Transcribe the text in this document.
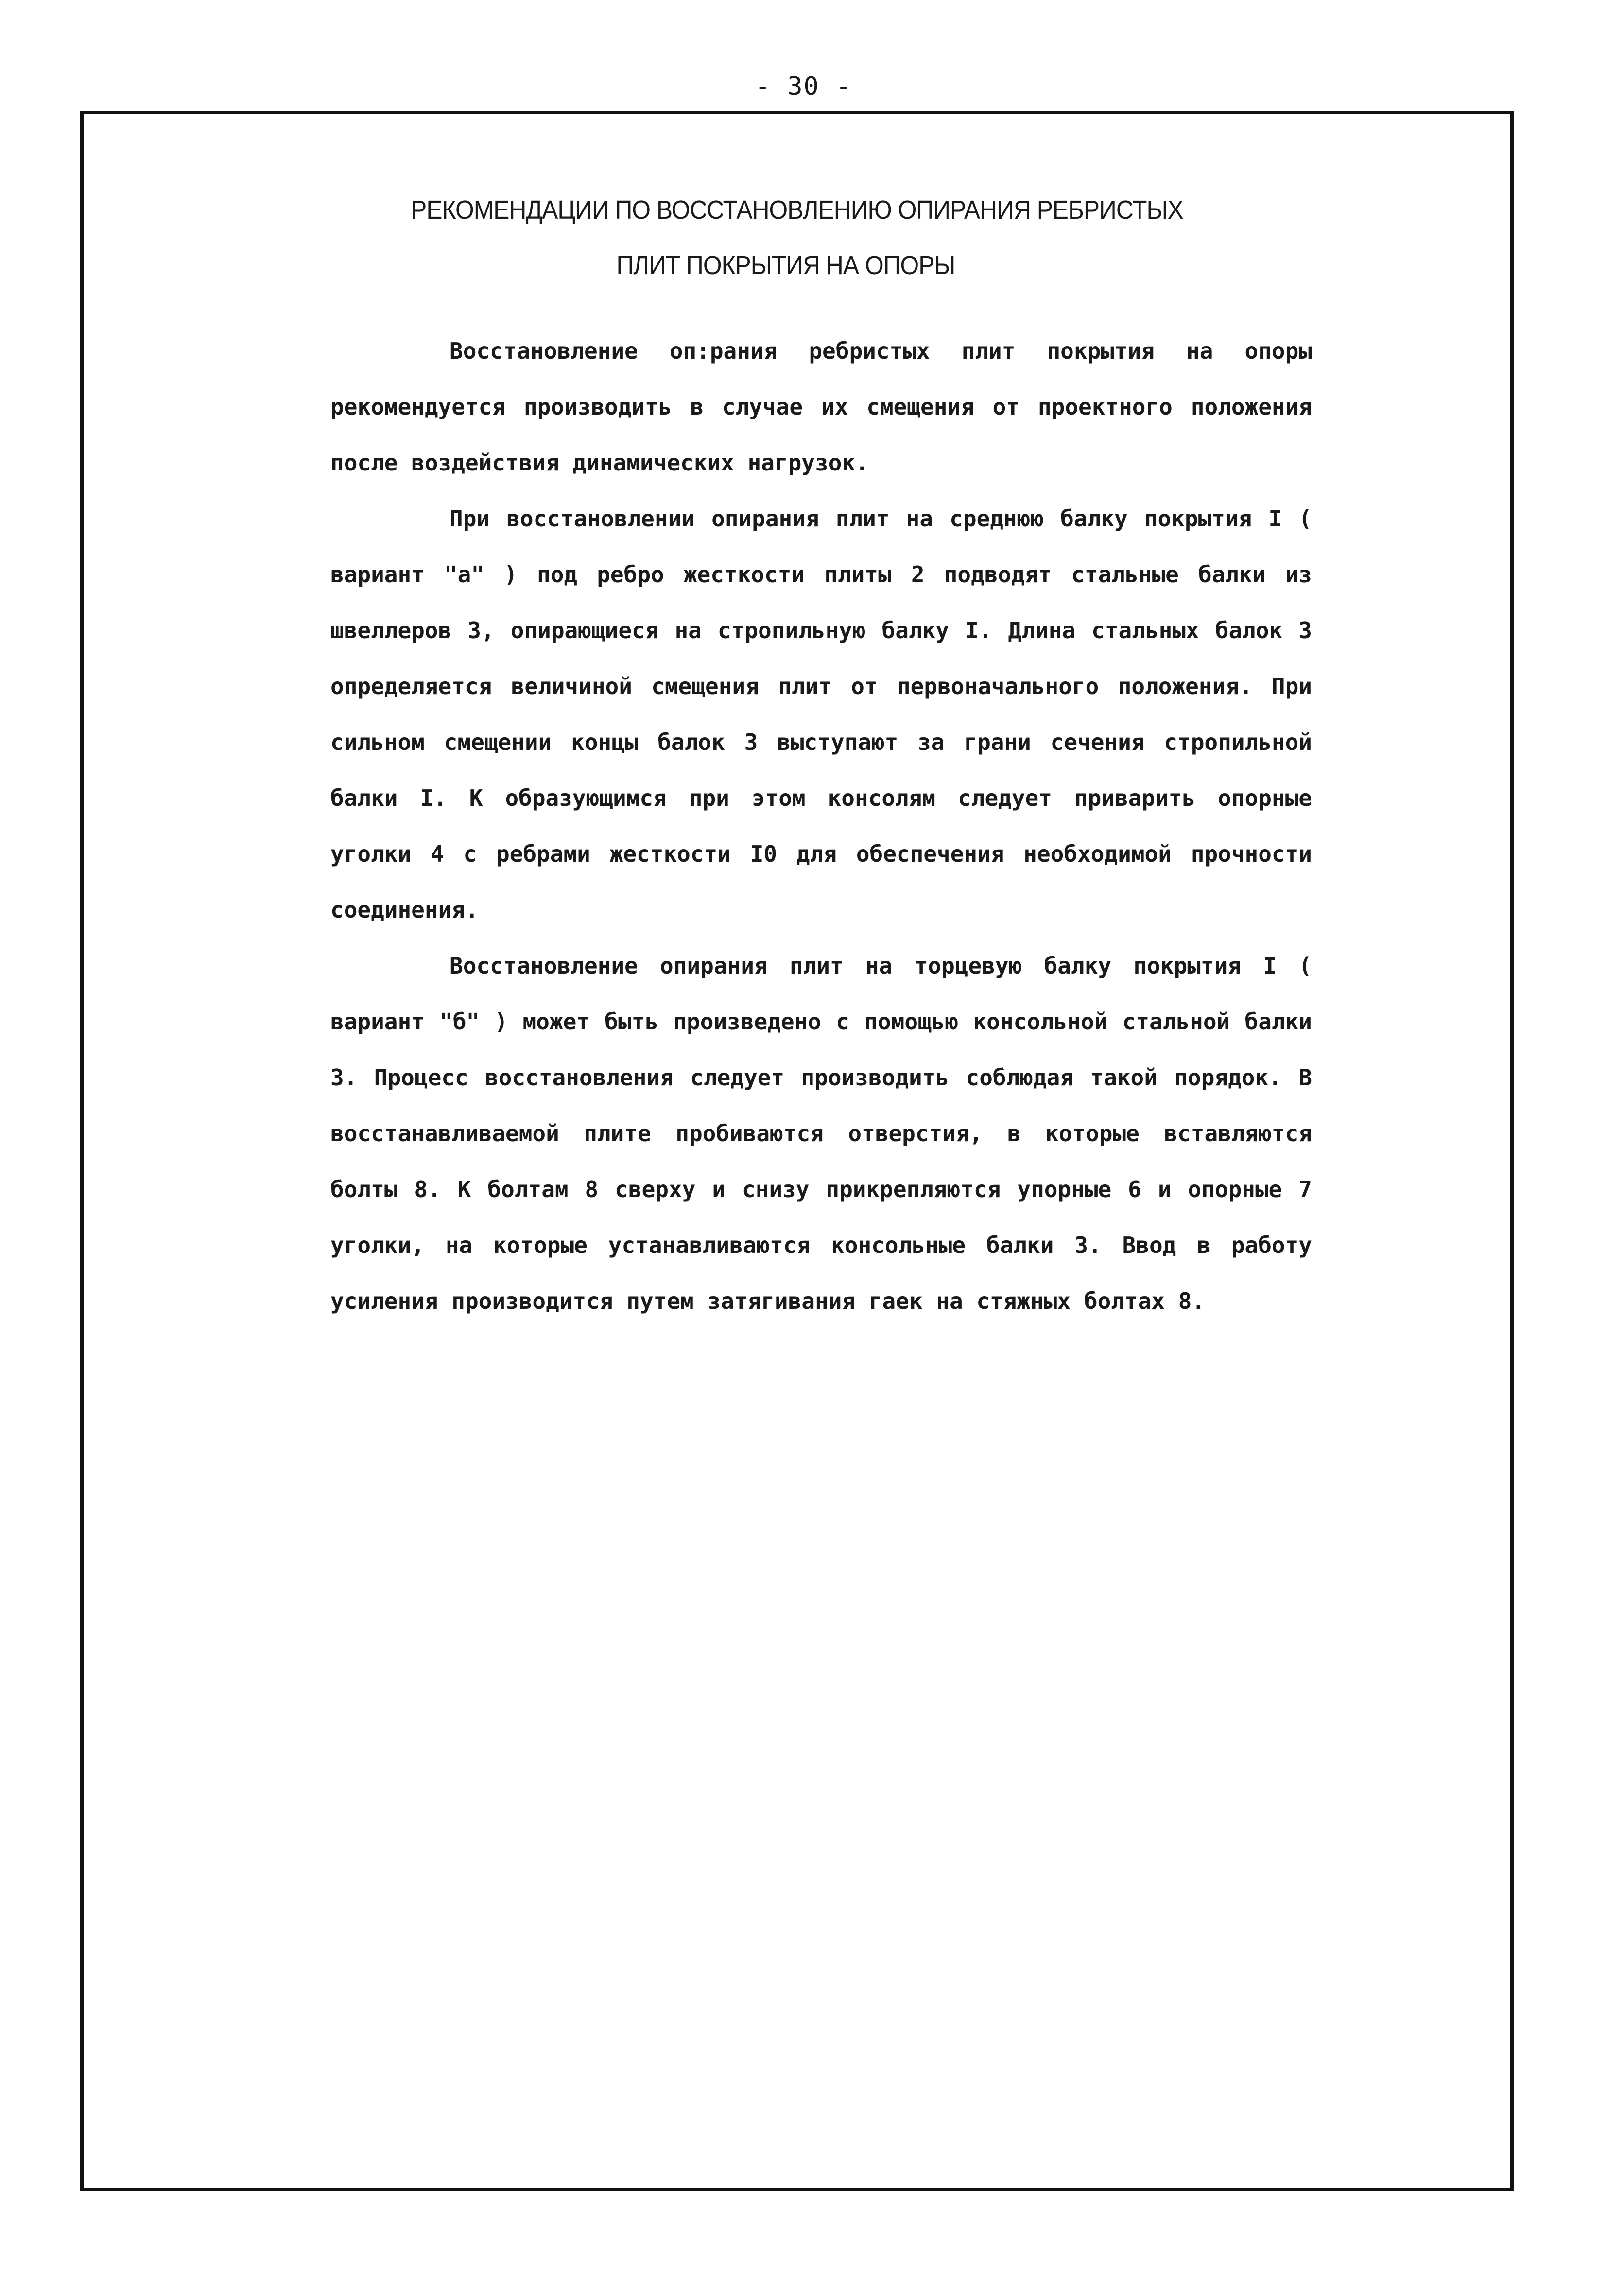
- 30 -
РЕКОМЕНДАЦИИ ПО ВОССТАНОВЛЕНИЮ ОПИРАНИЯ РЕБРИСТЫХ
ПЛИТ ПОКРЫТИЯ НА ОПОРЫ

Восстановление оп:рания ребристых плит покрытия на опоры рекомендуется производить в случае их смещения от проектного положения после воздействия динамических нагрузок.

При восстановлении опирания плит на среднюю балку покрытия I ( вариант "а" ) под ребро жесткости плиты 2 подводят стальные балки из швеллеров 3, опирающиеся на стропильную балку I. Длина стальных балок 3 определяется величиной смещения плит от первоначального положения. При сильном смещении концы балок 3 выступают за грани сечения стропильной балки I. К образующимся при этом консолям следует приварить опорные уголки 4 с ребрами жесткости I0 для обеспечения необходимой прочности соединения.

Восстановление опирания плит на торцевую балку покрытия I ( вариант "б" ) может быть произведено с помощью консольной стальной балки 3. Процесс восстановления следует производить соблюдая такой порядок. В восстанавливаемой плите пробиваются отверстия, в которые вставляются болты 8. К болтам 8 сверху и снизу прикрепляются упорные 6 и опорные 7 уголки, на которые устанавливаются консольные балки 3. Ввод в работу усиления производится путем затягивания гаек на стяжных болтах 8.
